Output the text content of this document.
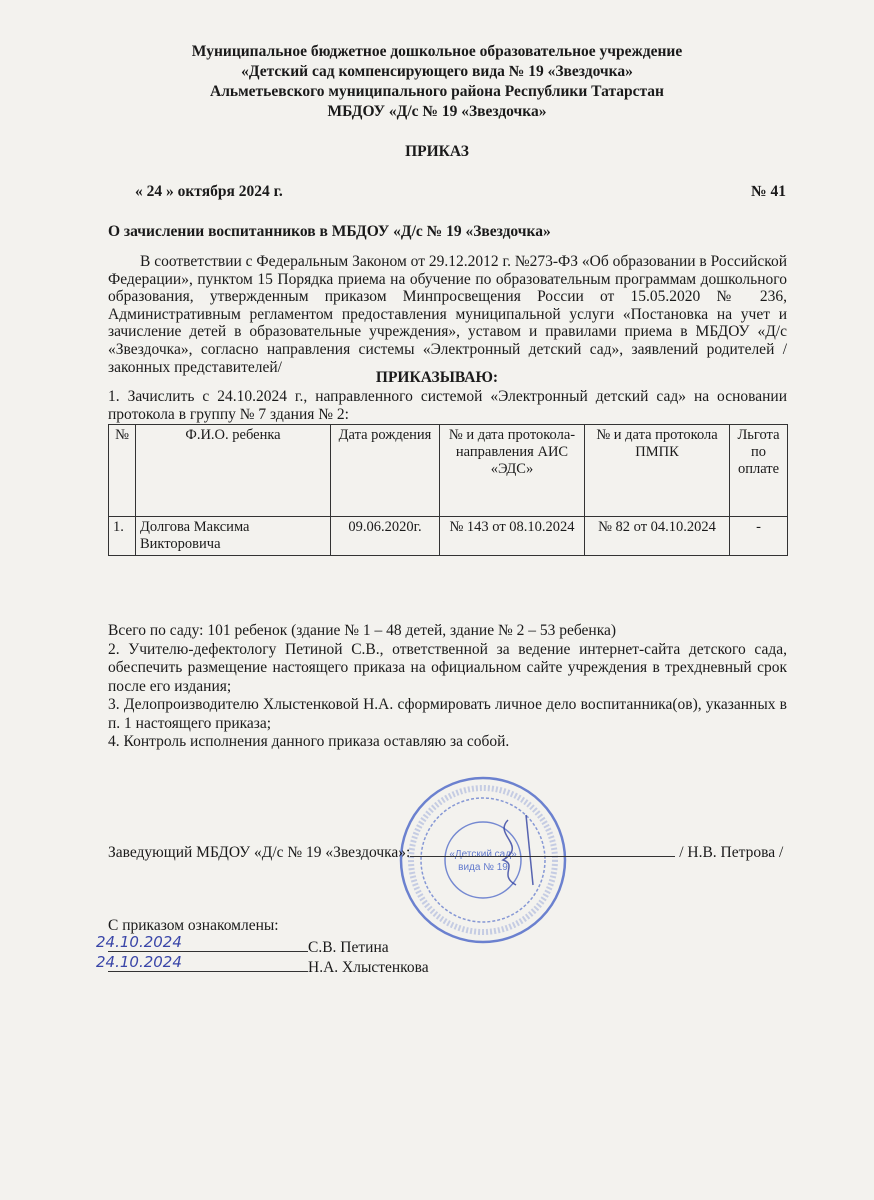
Муниципальное бюджетное дошкольное образовательное учреждение
«Детский сад компенсирующего вида № 19 «Звездочка»
Альметьевского муниципального района Республики Татарстан
МБДОУ «Д/с № 19 «Звездочка»
ПРИКАЗ
« 24 » октября 2024 г.	№ 41
О зачислении воспитанников в МБДОУ «Д/с № 19 «Звездочка»
В соответствии с Федеральным Законом от 29.12.2012 г. №273-ФЗ «Об образовании в Российской Федерации», пунктом 15 Порядка приема на обучение по образовательным программам дошкольного образования, утвержденным приказом Минпросвещения России от 15.05.2020 № 236, Административным регламентом предоставления муниципальной услуги «Постановка на учет и зачисление детей в образовательные учреждения», уставом и правилами приема в МБДОУ «Д/с «Звездочка», согласно направления системы «Электронный детский сад», заявлений родителей /законных представителей/
ПРИКАЗЫВАЮ:
1. Зачислить с 24.10.2024 г., направленного системой «Электронный детский сад» на основании протокола в группу № 7 здания № 2:
№	Ф.И.О. ребенка	Дата рождения	№ и дата протокола-направления АИС «ЭДС»	№ и дата протокола ПМПК	Льгота по оплате
1.	Долгова Максима Викторовича	09.06.2020г.	№ 143 от 08.10.2024	№ 82 от 04.10.2024	-

Всего по саду: 101 ребенок (здание № 1 – 48 детей, здание № 2 – 53 ребенка)

2. Учителю-дефектологу Петиной С.В., ответственной за ведение интернет-сайта детского сада, обеспечить размещение настоящего приказа на официальном сайте учреждения в трехдневный срок после его издания;

3. Делопроизводителю Хлыстенковой Н.А. сформировать личное дело воспитанника(ов), указанных в п. 1 настоящего приказа;

4. Контроль исполнения данного приказа оставляю за собой.

«Детский сад»
вида № 19
Заведующий МБДОУ «Д/с № 19 «Звездочка»:	/ Н.В. Петрова /
С приказом ознакомлены:
24.10.2024	С.В. Петина
24.10.2024	Н.А. Хлыстенкова
